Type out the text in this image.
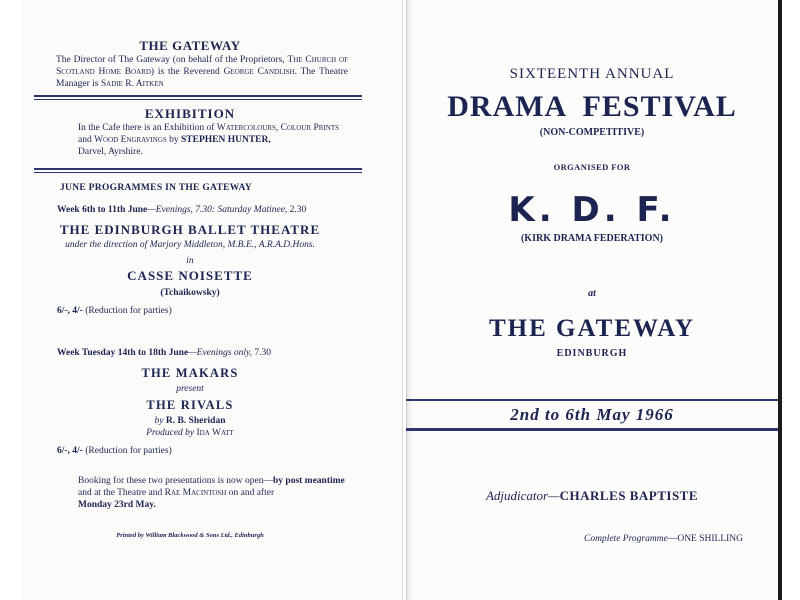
THE GATEWAY
The Director of The Gateway (on behalf of the Proprietors, The Church of Scotland Home Board) is the Reverend George Candlish. The Theatre Manager is Sadie R. Aitken
EXHIBITION
In the Cafe there is an Exhibition of Watercolours, Colour Prints and Wood Engravings by STEPHEN HUNTER,
Darvel, Ayrshire.
JUNE PROGRAMMES IN THE GATEWAY
Week 6th to 11th June—Evenings, 7.30: Saturday Matinee, 2.30
THE EDINBURGH BALLET THEATRE
under the direction of Marjory Middleton, M.B.E., A.R.A.D.Hons.
in
CASSE NOISETTE
(Tchaikowsky)
6/-, 4/- (Reduction for parties)
Week Tuesday 14th to 18th June—Evenings only, 7.30
THE MAKARS
present
THE RIVALS
by R. B. Sheridan
Produced by Ida Watt
6/-, 4/- (Reduction for parties)
Booking for these two presentations is now open—by post meantime and at the Theatre and Rae Macintosh on and after
Monday 23rd May.
Printed by William Blackwood & Sons Ltd., Edinburgh
SIXTEENTH ANNUAL
DRAMA  FESTIVAL
(NON-COMPETITIVE)
ORGANISED FOR
K. D. F.
(KIRK DRAMA FEDERATION)
at
THE GATEWAY
EDINBURGH
2nd to 6th May 1966
Adjudicator—CHARLES BAPTISTE
Complete Programme—ONE SHILLING
